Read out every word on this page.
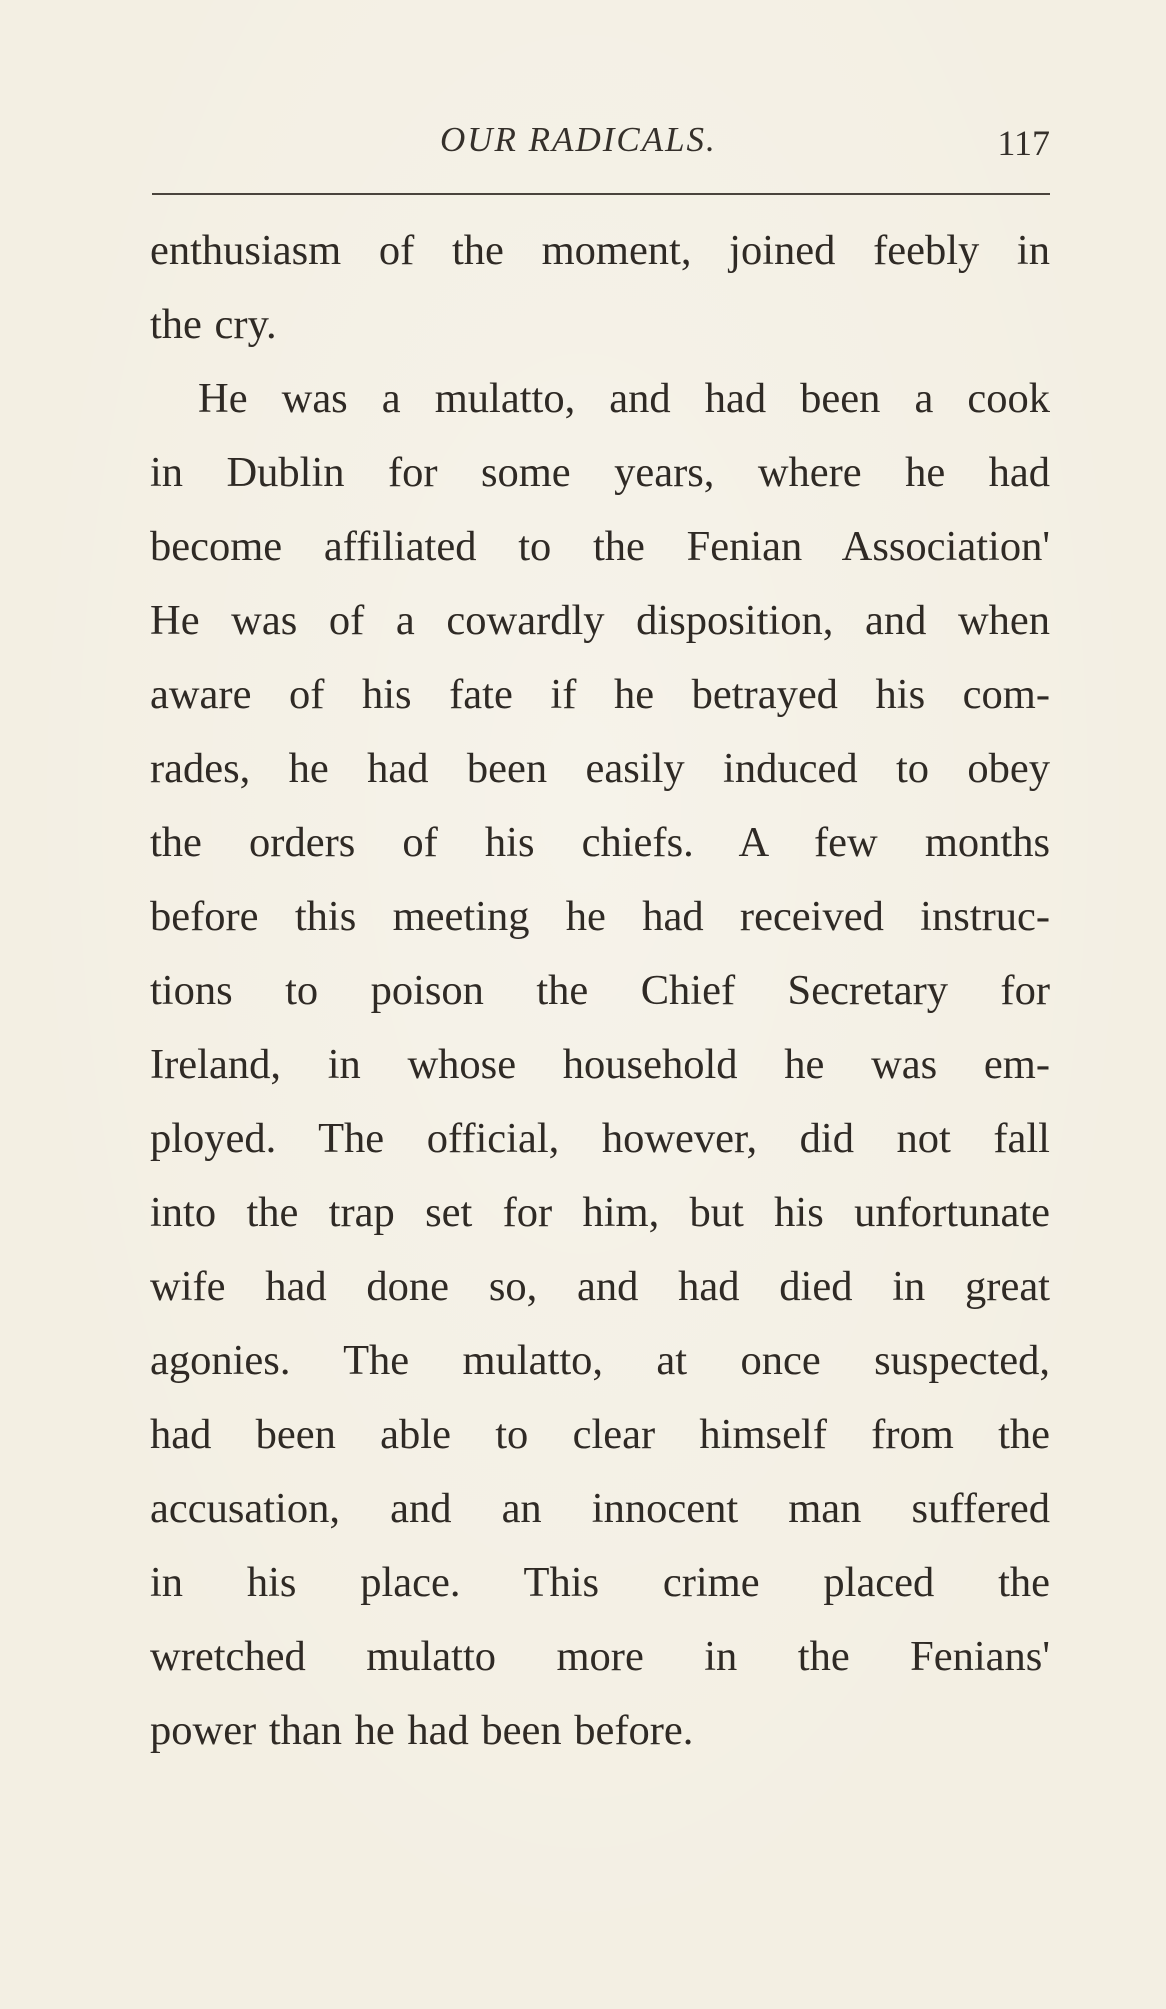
OUR RADICALS.	117
enthusiasm of the moment, joined feebly in
the cry.
He was a mulatto, and had been a cook
in Dublin for some years, where he had
become affiliated to the Fenian Association'
He was of a cowardly disposition, and when
aware of his fate if he betrayed his com-
rades, he had been easily induced to obey
the orders of his chiefs. A few months
before this meeting he had received instruc-
tions to poison the Chief Secretary for
Ireland, in whose household he was em-
ployed. The official, however, did not fall
into the trap set for him, but his unfortunate
wife had done so, and had died in great
agonies. The mulatto, at once suspected,
had been able to clear himself from the
accusation, and an innocent man suffered
in his place. This crime placed the
wretched mulatto more in the Fenians'
power than he had been before.
